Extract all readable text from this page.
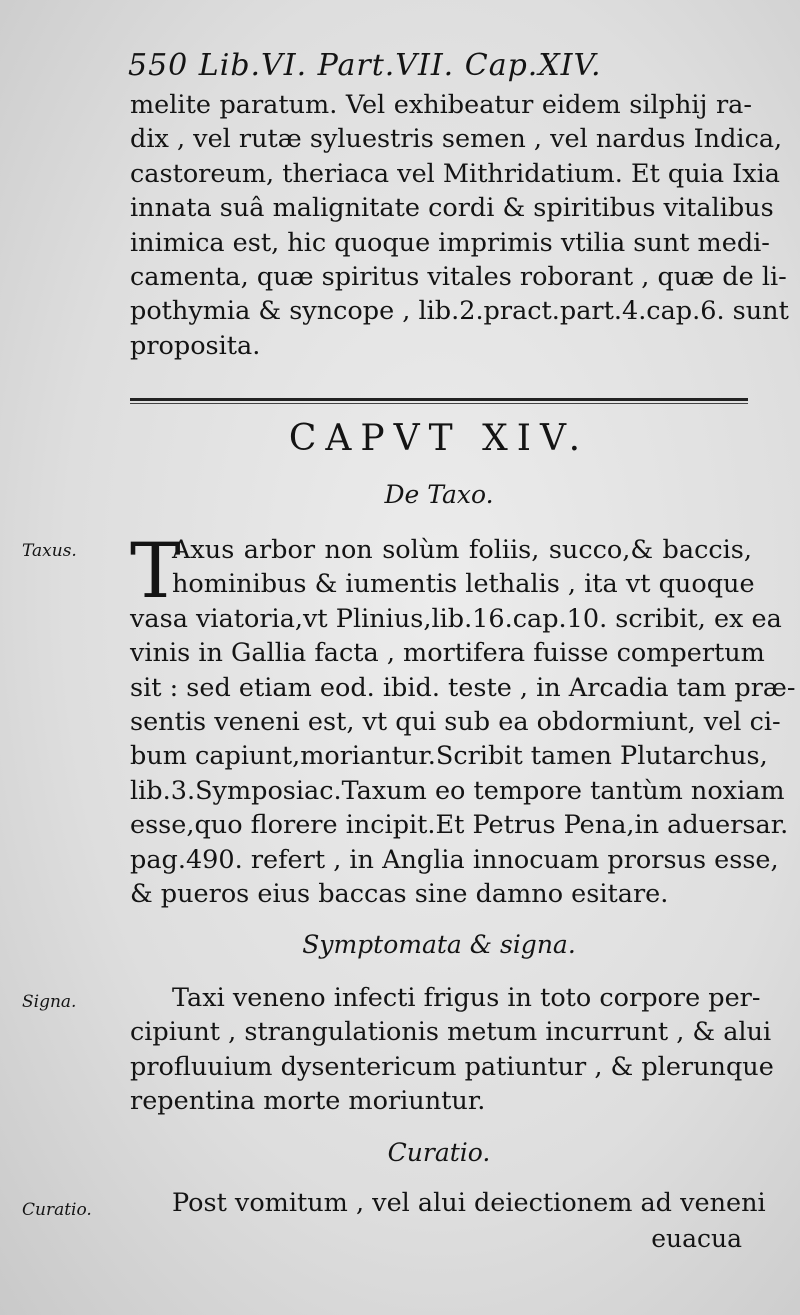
550 Lib.VI. Part.VII. Cap.XIV.
melite paratum. Vel exhibeatur eidem silphij ra-
dix , vel rutæ syluestris semen , vel nardus Indica,
castoreum, theriaca vel Mithridatium. Et quia Ixia
innata suâ malignitate cordi & spiritibus vitalibus
inimica est, hic quoque imprimis vtilia sunt medi-
camenta, quæ spiritus vitales roborant , quæ de li-
pothymia & syncope , lib.2.pract.part.4.cap.6. sunt
proposita.
CAPVT XIV.
De Taxo.
Taxus. T
Axus arbor non solùm foliis, succo,& baccis,
hominibus & iumentis lethalis , ita vt quoque
vasa viatoria,vt Plinius,lib.16.cap.10. scribit, ex ea
vinis in Gallia facta , mortifera fuisse compertum
sit : sed etiam eod. ibid. teste , in Arcadia tam præ-
sentis veneni est, vt qui sub ea obdormiunt, vel ci-
bum capiunt,moriantur.Scribit tamen Plutarchus,
lib.3.Symposiac.Taxum eo tempore tantùm noxiam
esse,quo florere incipit.Et Petrus Pena,in aduersar.
pag.490. refert , in Anglia innocuam prorsus esse,
& pueros eius baccas sine damno esitare.
Symptomata & signa.
Signa.	Taxi veneno infecti frigus in toto corpore per-
cipiunt , strangulationis metum incurrunt , & alui
profluuium dysentericum patiuntur , & plerunque
repentina morte moriuntur.
Curatio.
Curatio.	Post vomitum , vel alui deiectionem ad veneni
euacua
